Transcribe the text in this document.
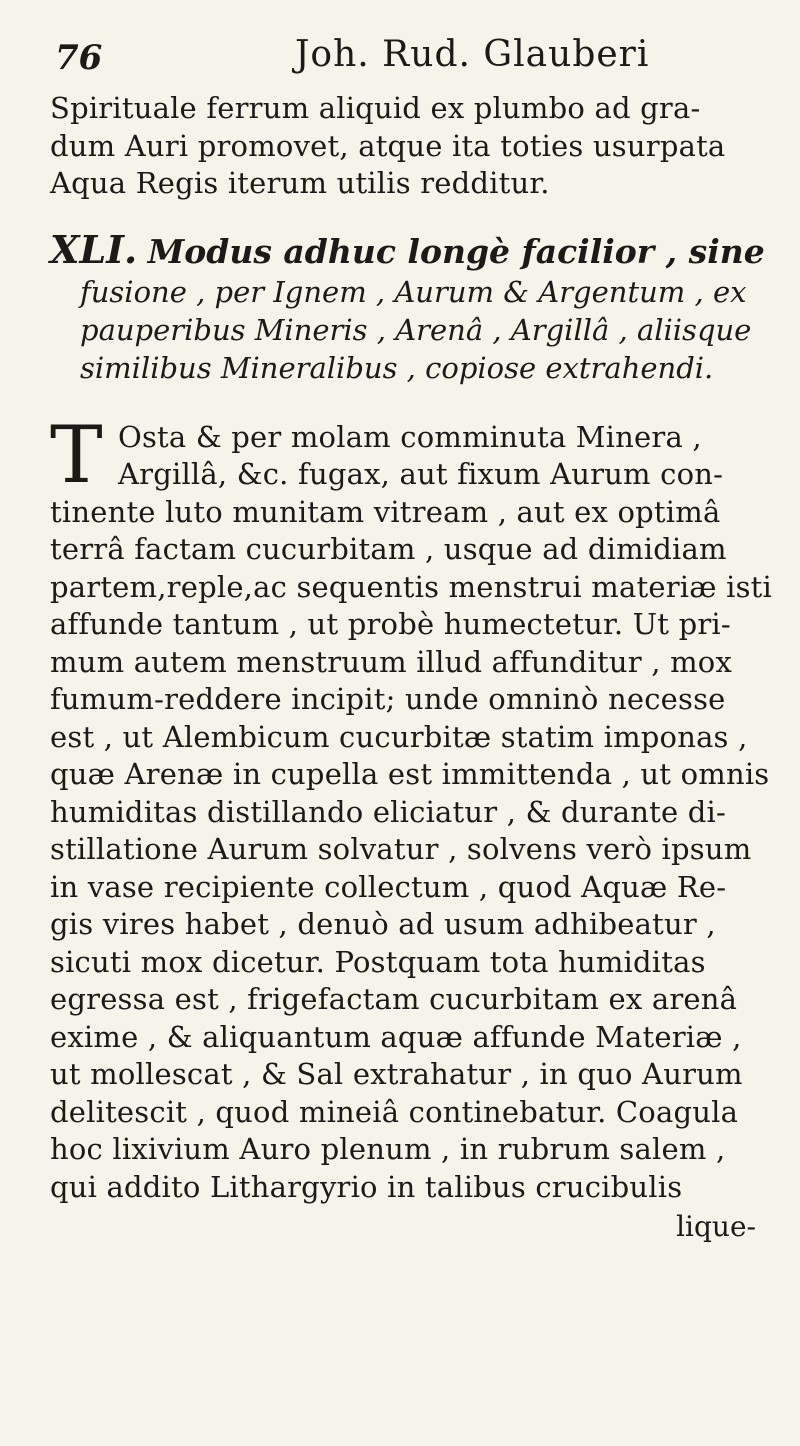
76	Joh. Rud. Glauberi
Spirituale ferrum aliquid ex plumbo ad gra-
dum Auri promovet, atque ita toties usurpata
Aqua Regis iterum utilis redditur.
XLI. Modus adhuc longè facilior , sine
fusione , per Ignem , Aurum & Argentum , ex
pauperibus Mineris , Arenâ , Argillâ , aliisque
similibus Mineralibus , copiose extrahendi.
T Osta & per molam comminuta Minera ,
Argillâ, &c. fugax, aut fixum Aurum con-
tinente luto munitam vitream , aut ex optimâ
terrâ factam cucurbitam , usque ad dimidiam
partem,reple,ac sequentis menstrui materiæ isti
affunde tantum , ut probè humectetur. Ut pri-
mum autem menstruum illud affunditur , mox
fumum-reddere incipit; unde omninò necesse
est , ut Alembicum cucurbitæ statim imponas ,
quæ Arenæ in cupella est immittenda , ut omnis
humiditas distillando eliciatur , & durante di-
stillatione Aurum solvatur , solvens verò ipsum
in vase recipiente collectum , quod Aquæ Re-
gis vires habet , denuò ad usum adhibeatur ,
sicuti mox dicetur. Postquam tota humiditas
egressa est , frigefactam cucurbitam ex arenâ
exime , & aliquantum aquæ affunde Materiæ ,
ut mollescat , & Sal extrahatur , in quo Aurum
delitescit , quod mineiâ continebatur. Coagula
hoc lixivium Auro plenum , in rubrum salem ,
qui addito Lithargyrio in talibus crucibulis
lique-
